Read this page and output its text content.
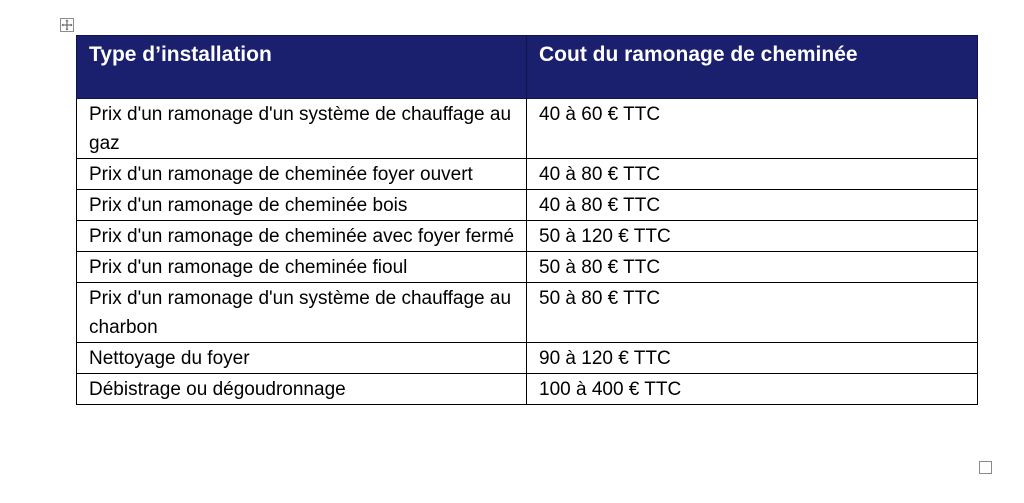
Type d’installation	Cout du ramonage de cheminée
Prix d'un ramonage d'un système de chauffage au gaz	40 à 60 € TTC
Prix d'un ramonage de cheminée foyer ouvert	40 à 80 € TTC
Prix d'un ramonage de cheminée bois	40 à 80 € TTC
Prix d'un ramonage de cheminée avec foyer fermé	50 à 120 € TTC
Prix d'un ramonage de cheminée fioul	50 à 80 € TTC
Prix d'un ramonage d'un système de chauffage au charbon	50 à 80 € TTC
Nettoyage du foyer	90 à 120 € TTC
Débistrage ou dégoudronnage	100 à 400 € TTC
